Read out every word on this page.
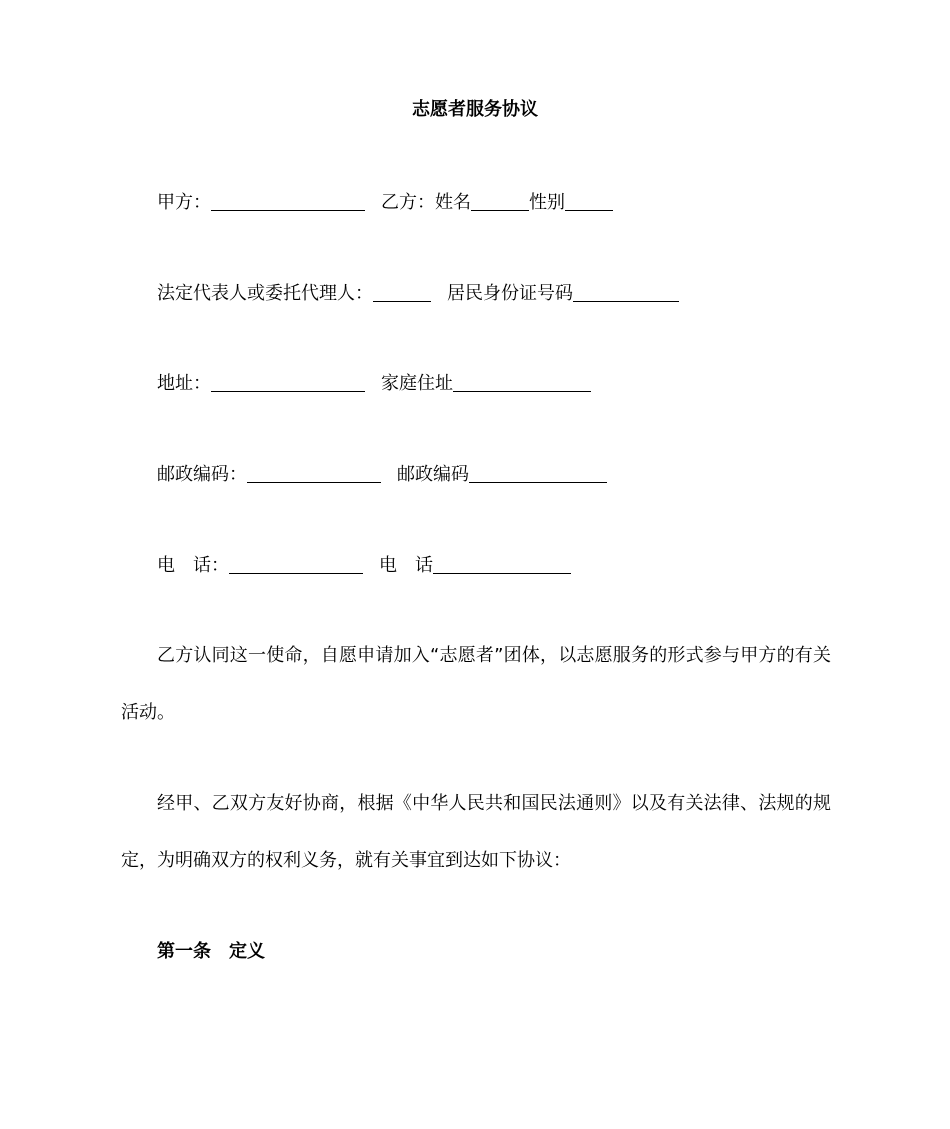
志愿者服务协议
甲方：	乙方：姓名	性别
法定代表人或委托代理人：	居民身份证号码
地址：	家庭住址
邮政编码：	邮政编码
电　话：	电　话
乙方认同这一使命，自愿申请加入“志愿者”团体，以志愿服务的形式参与甲方的有关活动。
经甲、乙双方友好协商，根据《中华人民共和国民法通则》以及有关法律、法规的规定，为明确双方的权利义务，就有关事宜到达如下协议：
第一条　定义
